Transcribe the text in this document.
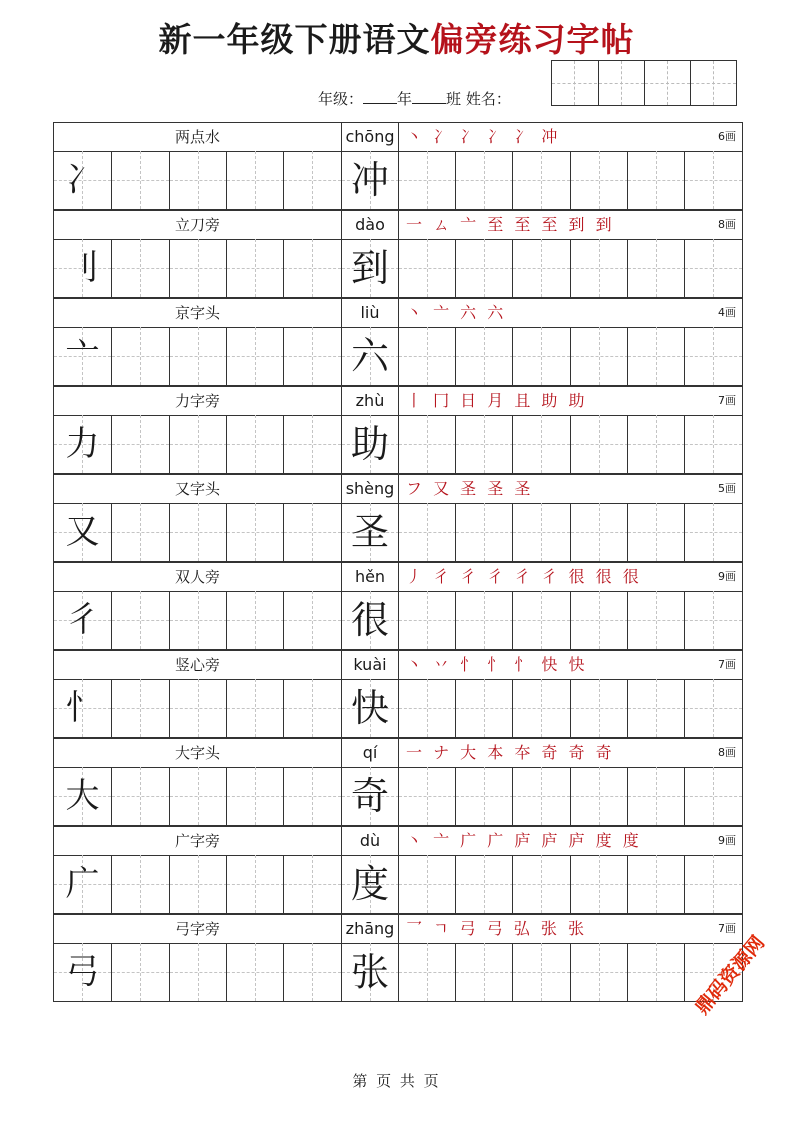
新一年级下册语文偏旁练习字帖
年级： 年 班 姓名：
两点水	chōng 丶 冫 冫 冫 冫 冲	6画
冫	冲
立刀旁	dào	一 ㄙ 亠 至 至 至 到 到	8画
刂	到
京字头	liù	丶 亠 六 六	4画
亠	六
力字旁	zhù	丨 冂 日 月 且 助 助	7画
力	助
又字头	shèng フ 又 圣 圣 圣	5画
又	圣
双人旁	hěn	丿 彳 彳 彳 彳 彳 很 很 很	9画
彳	很
竖心旁	kuài	丶 丷 忄 忄 忄 快 快	7画
忄	快
大字头	qí	一 ナ 大 本 夲 奇 奇 奇	8画
大	奇
广字旁	dù	丶 亠 广 广 庐 庐 庐 度 度	9画
广	度
弓字旁	zhāng 乛 ㄱ 弓 弓 弘 张 张	7画
弓	张
第 页 共 页
鼎码资源网
